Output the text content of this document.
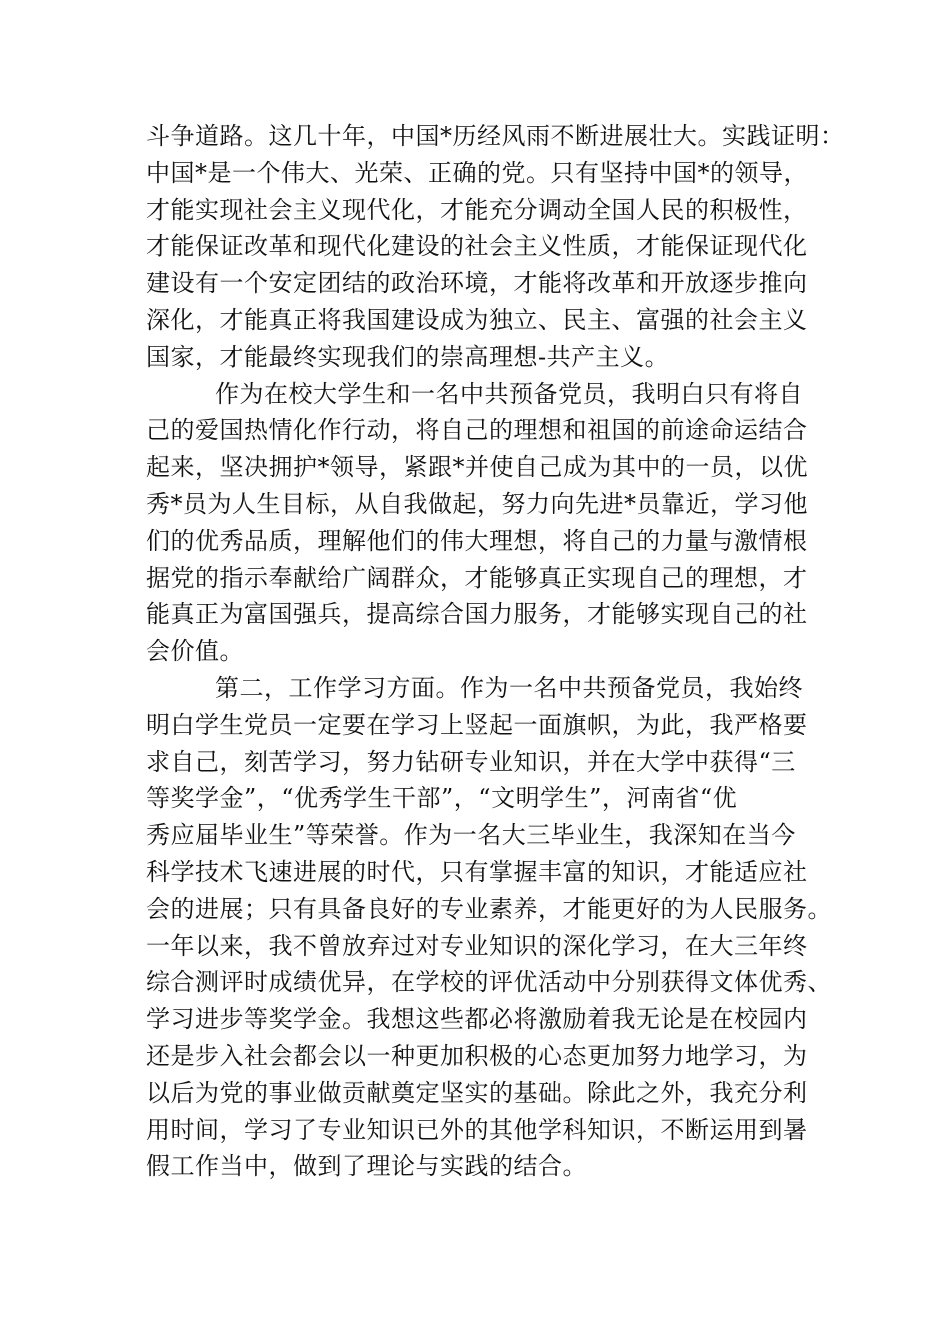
斗争道路。这几十年，中国*历经风雨不断进展壮大。实践证明：
中国*是一个伟大、光荣、正确的党。只有坚持中国*的领导，
才能实现社会主义现代化，才能充分调动全国人民的积极性，
才能保证改革和现代化建设的社会主义性质，才能保证现代化
建设有一个安定团结的政治环境，才能将改革和开放逐步推向
深化，才能真正将我国建设成为独立、民主、富强的社会主义
国家，才能最终实现我们的崇高理想-共产主义。
作为在校大学生和一名中共预备党员，我明白只有将自
己的爱国热情化作行动，将自己的理想和祖国的前途命运结合
起来，坚决拥护*领导，紧跟*并使自己成为其中的一员，以优
秀*员为人生目标，从自我做起，努力向先进*员靠近，学习他
们的优秀品质，理解他们的伟大理想，将自己的力量与激情根
据党的指示奉献给广阔群众，才能够真正实现自己的理想，才
能真正为富国强兵，提高综合国力服务，才能够实现自己的社
会价值。
第二，工作学习方面。作为一名中共预备党员，我始终
明白学生党员一定要在学习上竖起一面旗帜，为此，我严格要
求自己，刻苦学习，努力钻研专业知识，并在大学中获得“三
等奖学金”，“优秀学生干部”，“文明学生”，河南省“优
秀应届毕业生”等荣誉。作为一名大三毕业生，我深知在当今
科学技术飞速进展的时代，只有掌握丰富的知识，才能适应社
会的进展；只有具备良好的专业素养，才能更好的为人民服务。
一年以来，我不曾放弃过对专业知识的深化学习，在大三年终
综合测评时成绩优异，在学校的评优活动中分别获得文体优秀、
学习进步等奖学金。我想这些都必将激励着我无论是在校园内
还是步入社会都会以一种更加积极的心态更加努力地学习，为
以后为党的事业做贡献奠定坚实的基础。除此之外，我充分利
用时间，学习了专业知识已外的其他学科知识，不断运用到暑
假工作当中，做到了理论与实践的结合。
